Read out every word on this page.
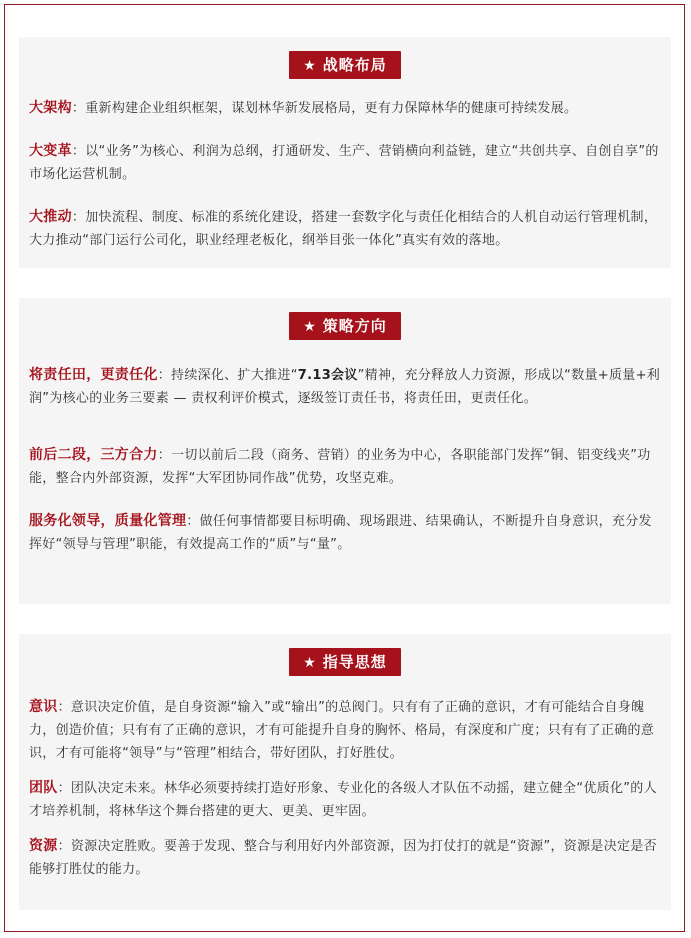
★ 战略布局

大架构：重新构建企业组织框架，谋划林华新发展格局，更有力保障林华的健康可持续发展。

大变革：以“业务”为核心、利润为总纲，打通研发、生产、营销横向利益链，建立“共创共享、自创自享”的市场化运营机制。

大推动：加快流程、制度、标准的系统化建设，搭建一套数字化与责任化相结合的人机自动运行管理机制，大力推动“部门运行公司化，职业经理老板化，纲举目张一体化”真实有效的落地。

★ 策略方向

将责任田，更责任化：持续深化、扩大推进“7.13会议”精神，充分释放人力资源，形成以“数量+质量+利润”为核心的业务三要素 — 责权利评价模式，逐级签订责任书，将责任田，更责任化。

前后二段，三方合力：一切以前后二段（商务、营销）的业务为中心，各职能部门发挥“铜、铝变线夹”功能，整合内外部资源，发挥“大军团协同作战”优势，攻坚克难。

服务化领导，质量化管理：做任何事情都要目标明确、现场跟进、结果确认，不断提升自身意识，充分发挥好“领导与管理”职能，有效提高工作的“质”与“量”。

★ 指导思想

意识：意识决定价值，是自身资源“输入”或“输出”的总阀门。只有有了正确的意识，才有可能结合自身魄力，创造价值；只有有了正确的意识，才有可能提升自身的胸怀、格局，有深度和广度；只有有了正确的意识，才有可能将“领导”与“管理”相结合，带好团队，打好胜仗。

团队：团队决定未来。林华必须要持续打造好形象、专业化的各级人才队伍不动摇，建立健全“优质化”的人才培养机制，将林华这个舞台搭建的更大、更美、更牢固。

资源：资源决定胜败。要善于发现、整合与利用好内外部资源，因为打仗打的就是“资源”，资源是决定是否能够打胜仗的能力。
